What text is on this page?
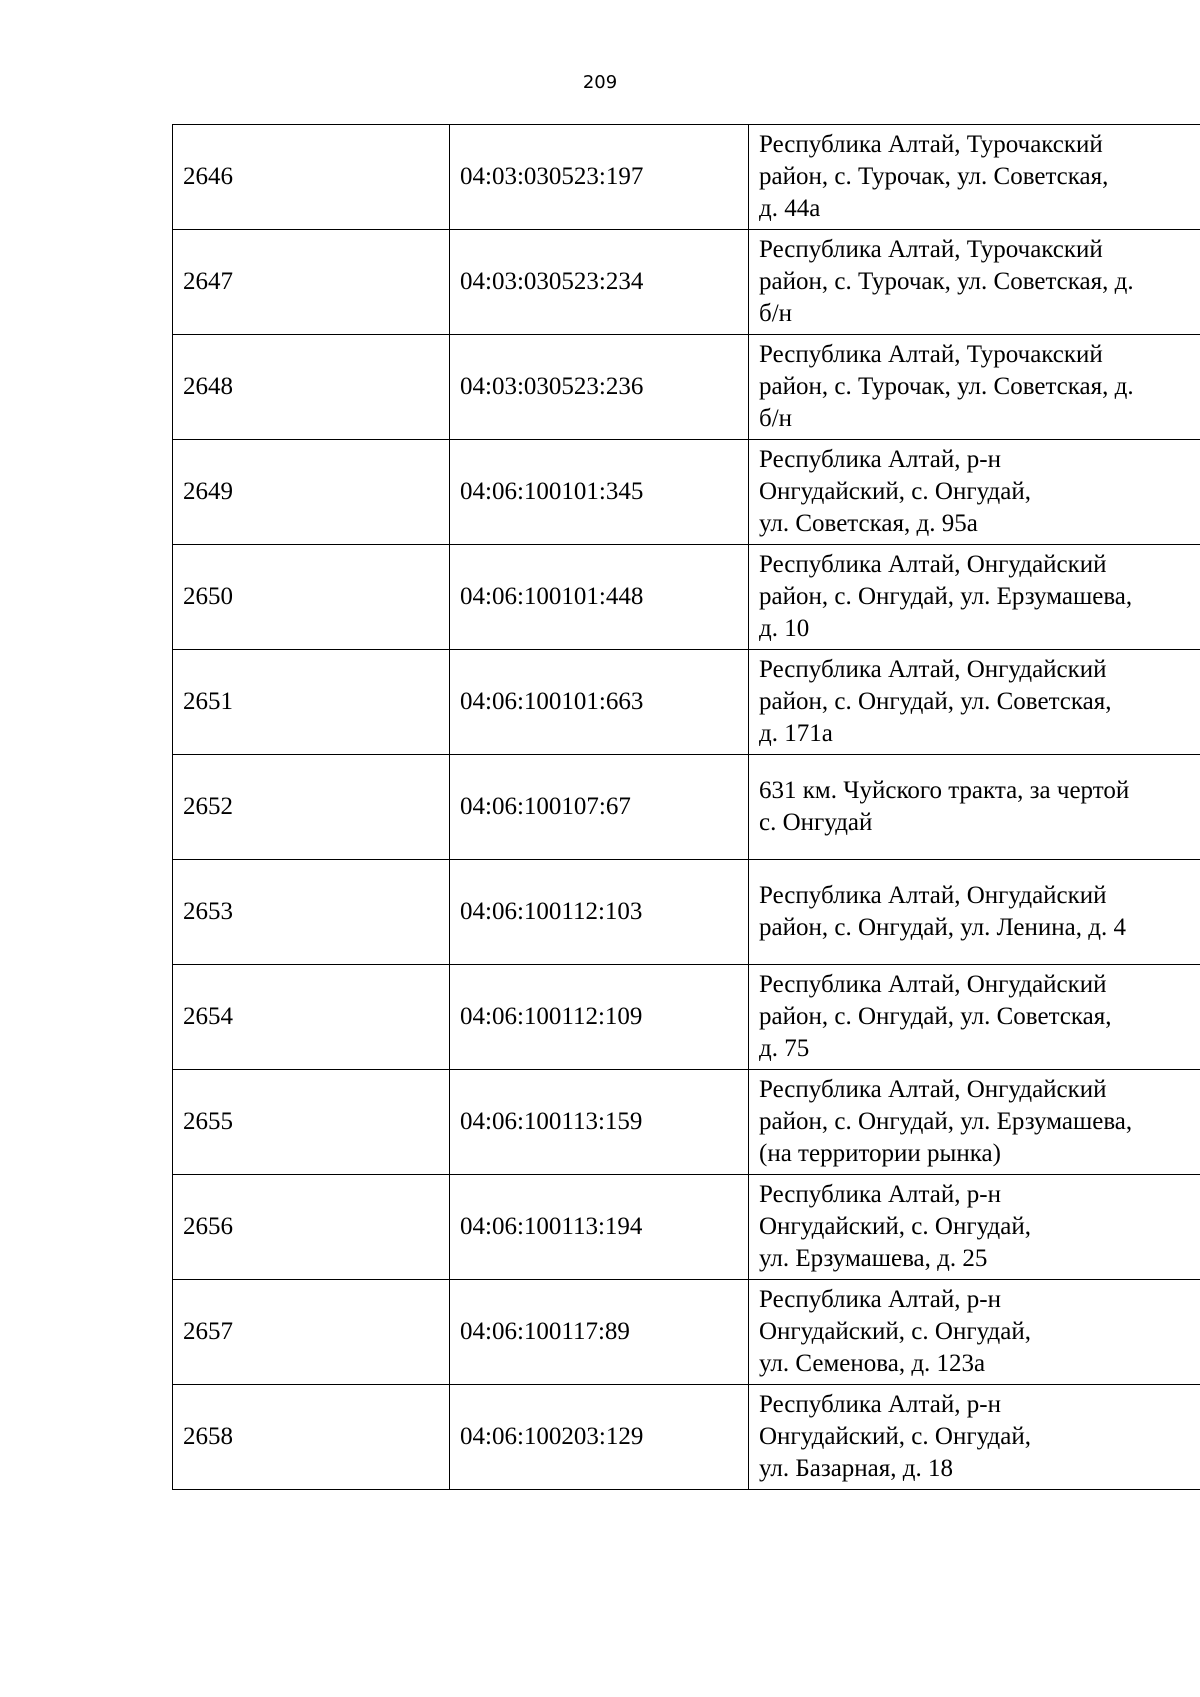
209
2646	04:03:030523:197	Республика Алтай, Турочакский
район, с. Турочак, ул. Советская,
д. 44а
2647	04:03:030523:234	Республика Алтай, Турочакский
район, с. Турочак, ул. Советская, д.
б/н
2648	04:03:030523:236	Республика Алтай, Турочакский
район, с. Турочак, ул. Советская, д.
б/н
2649	04:06:100101:345	Республика Алтай, р-н
Онгудайский, с. Онгудай,
ул. Советская, д. 95а
2650	04:06:100101:448	Республика Алтай, Онгудайский
район, с. Онгудай, ул. Ерзумашева,
д. 10
2651	04:06:100101:663	Республика Алтай, Онгудайский
район, с. Онгудай, ул. Советская,
д. 171а
2652	04:06:100107:67	631 км. Чуйского тракта, за чертой
с. Онгудай
2653	04:06:100112:103	Республика Алтай, Онгудайский
район, с. Онгудай, ул. Ленина, д. 4
2654	04:06:100112:109	Республика Алтай, Онгудайский
район, с. Онгудай, ул. Советская,
д. 75
2655	04:06:100113:159	Республика Алтай, Онгудайский
район, с. Онгудай, ул. Ерзумашева,
(на территории рынка)
2656	04:06:100113:194	Республика Алтай, р-н
Онгудайский, с. Онгудай,
ул. Ерзумашева, д. 25
2657	04:06:100117:89	Республика Алтай, р-н
Онгудайский, с. Онгудай,
ул. Семенова, д. 123а
2658	04:06:100203:129	Республика Алтай, р-н
Онгудайский, с. Онгудай,
ул. Базарная, д. 18
